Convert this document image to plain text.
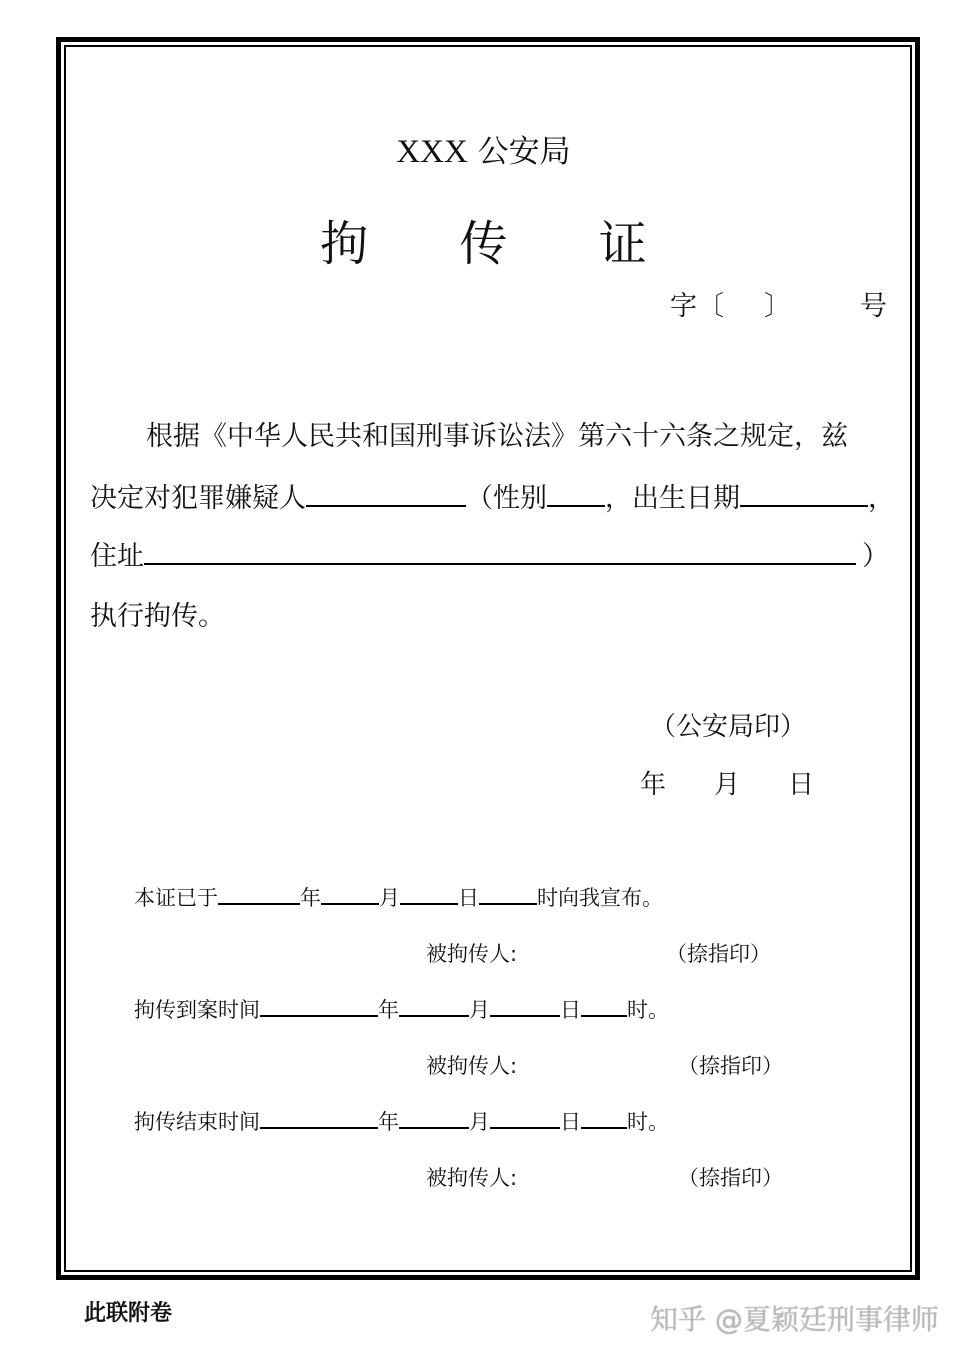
XXX 公安局
拘 传 证
字〔 〕	号
根据《中华人民共和国刑事诉讼法》第六十六条之规定，兹
决定对犯罪嫌疑人	（性别 ，出生日期	，
住址	）
执行拘传。
（公安局印）
年 月 日
本证已于	年	月	日	时向我宣布。
被拘传人:	（捺指印）
拘传到案时间	年	月	日 时。
被拘传人:	（捺指印）
拘传结束时间	年	月	日 时。
被拘传人:	（捺指印）
此联附卷	知乎 @夏颖廷刑事律师
